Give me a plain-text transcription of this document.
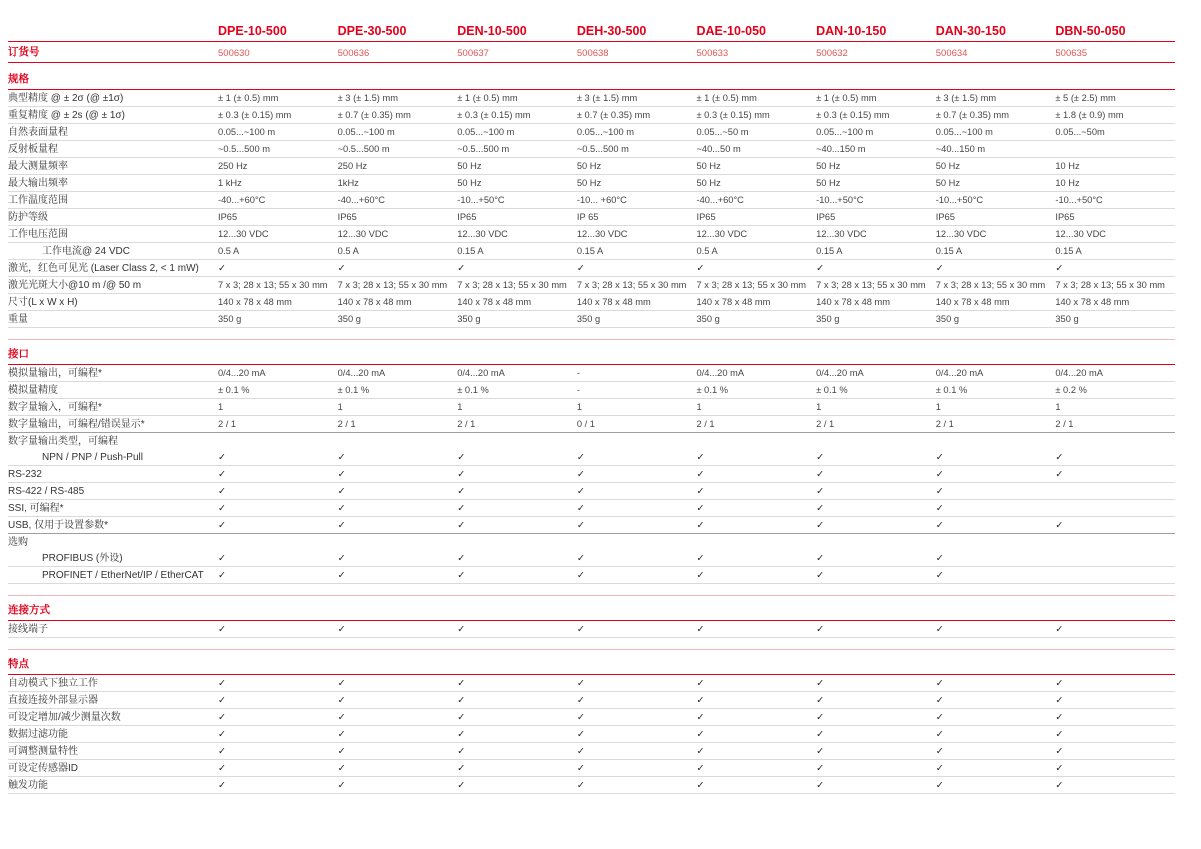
DPE-10-500	DPE-30-500	DEN-10-500	DEH-30-500	DAE-10-050	DAN-10-150	DAN-30-150	DBN-50-050
订货号	500630	500636	500637	500638	500633	500632	500634	500635
规格
典型精度 @ ± 2σ (@ ±1σ)	± 1 (± 0.5) mm	± 3 (± 1.5) mm	± 1 (± 0.5) mm	± 3 (± 1.5) mm	± 1 (± 0.5) mm	± 1 (± 0.5) mm	± 3 (± 1.5) mm	± 5 (± 2.5) mm
重复精度 @ ± 2s (@ ± 1σ)	± 0.3 (± 0.15) mm	± 0.7 (± 0.35) mm	± 0.3 (± 0.15) mm	± 0.7 (± 0.35) mm	± 0.3 (± 0.15) mm	± 0.3 (± 0.15) mm	± 0.7 (± 0.35) mm	± 1.8 (± 0.9) mm
自然表面量程	0.05...~100 m	0.05...~100 m	0.05...~100 m	0.05...~100 m	0.05...~50 m	0.05...~100 m	0.05...~100 m	0.05...~50m
反射板量程	~0.5...500 m	~0.5...500 m	~0.5...500 m	~0.5...500 m	~40...50 m	~40...150 m	~40...150 m
最大测量频率	250 Hz	250 Hz	50 Hz	50 Hz	50 Hz	50 Hz	50 Hz	10 Hz
最大输出频率	1 kHz	1kHz	50 Hz	50 Hz	50 Hz	50 Hz	50 Hz	10 Hz
工作温度范围	-40...+60°C	-40...+60°C	-10...+50°C	-10... +60°C	-40...+60°C	-10...+50°C	-10...+50°C	-10...+50°C
防护等级	IP65	IP65	IP65	IP 65	IP65	IP65	IP65	IP65
工作电压范围	12...30 VDC	12...30 VDC	12...30 VDC	12...30 VDC	12...30 VDC	12...30 VDC	12...30 VDC	12...30 VDC
工作电流@ 24 VDC	0.5 A	0.5 A	0.15 A	0.15 A	0.5 A	0.15 A	0.15 A	0.15 A
激光，红色可见光 (Laser Class 2, < 1 mW)	✓	✓	✓	✓	✓	✓	✓	✓
激光光斑大小@10 m /@ 50 m	7 x 3; 28 x 13; 55 x 30 mm	7 x 3; 28 x 13; 55 x 30 mm	7 x 3; 28 x 13; 55 x 30 mm	7 x 3; 28 x 13; 55 x 30 mm	7 x 3; 28 x 13; 55 x 30 mm	7 x 3; 28 x 13; 55 x 30 mm	7 x 3; 28 x 13; 55 x 30 mm	7 x 3; 28 x 13; 55 x 30 mm
尺寸(L x W x H)	140 x 78 x 48 mm	140 x 78 x 48 mm	140 x 78 x 48 mm	140 x 78 x 48 mm	140 x 78 x 48 mm	140 x 78 x 48 mm	140 x 78 x 48 mm	140 x 78 x 48 mm
重量	350 g	350 g	350 g	350 g	350 g	350 g	350 g	350 g
接口
模拟量输出，可编程*	0/4...20 mA	0/4...20 mA	0/4...20 mA	-	0/4...20 mA	0/4...20 mA	0/4...20 mA	0/4...20 mA
模拟量精度	± 0.1 %	± 0.1 %	± 0.1 %	-	± 0.1 %	± 0.1 %	± 0.1 %	± 0.2 %
数字量输入，可编程*	1	1	1	1	1	1	1	1
数字量输出，可编程/错误显示*	2 / 1	2 / 1	2 / 1	0 / 1	2 / 1	2 / 1	2 / 1	2 / 1
数字量输出类型，可编程
NPN / PNP / Push-Pull	✓	✓	✓	✓	✓	✓	✓	✓
RS-232	✓	✓	✓	✓	✓	✓	✓	✓
RS-422 / RS-485	✓	✓	✓	✓	✓	✓	✓
SSI, 可编程*	✓	✓	✓	✓	✓	✓	✓
USB, 仅用于设置参数*	✓	✓	✓	✓	✓	✓	✓	✓
选购
PROFIBUS (外设)	✓	✓	✓	✓	✓	✓	✓
PROFINET / EtherNet/IP / EtherCAT	✓	✓	✓	✓	✓	✓	✓
连接方式
接线端子	✓	✓	✓	✓	✓	✓	✓	✓
特点
自动模式下独立工作	✓	✓	✓	✓	✓	✓	✓	✓
直接连接外部显示器	✓	✓	✓	✓	✓	✓	✓	✓
可设定增加/减少测量次数	✓	✓	✓	✓	✓	✓	✓	✓
数据过滤功能	✓	✓	✓	✓	✓	✓	✓	✓
可调整测量特性	✓	✓	✓	✓	✓	✓	✓	✓
可设定传感器ID	✓	✓	✓	✓	✓	✓	✓	✓
触发功能	✓	✓	✓	✓	✓	✓	✓	✓
